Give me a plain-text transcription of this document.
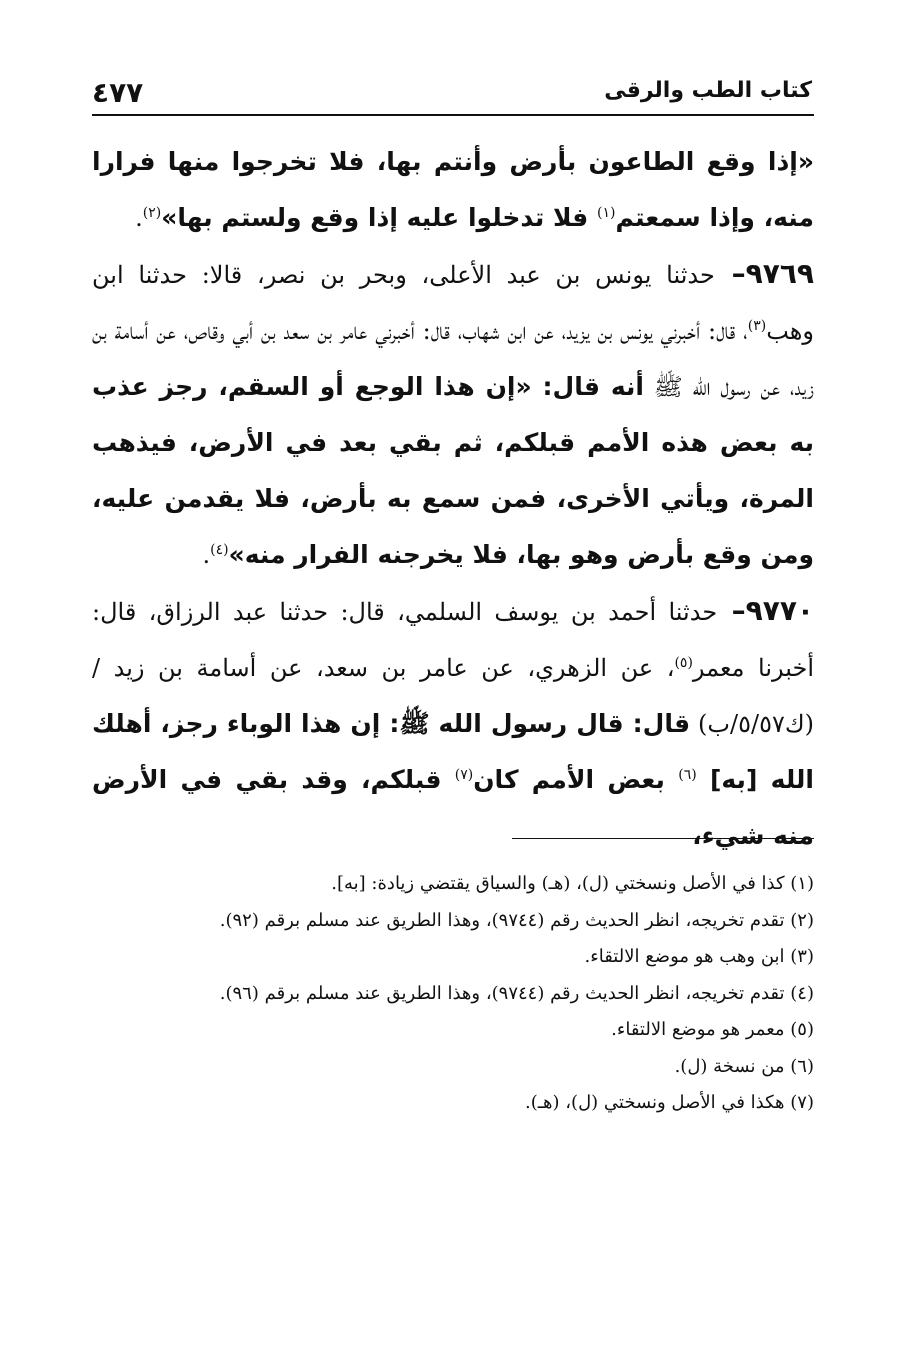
٤٧٧	كتاب الطب والرقى

«إذا وقع الطاعون بأرض وأنتم بها، فلا تخرجوا منها فرارا منه، وإذا سمعتم$^{(١)}$ فلا تدخلوا عليه إذا وقع ولستم بها»$^{(٢)}$.

٩٧٦٩– حدثنا يونس بن عبد الأعلى، وبحر بن نصر، قالا: حدثنا ابن وهب$^{(٣)}$، قال: أخبرني يونس بن يزيد، عن ابن شهاب، قال: أخبرني عامر بن سعد بن أبي وقاص، عن أسامة بن زيد، عن رسول الله ﷺ أنه قال: «إن هذا الوجع أو السقم، رجز عذب به بعض هذه الأمم قبلكم، ثم بقي بعد في الأرض، فيذهب المرة، ويأتي الأخرى، فمن سمع به بأرض، فلا يقدمن عليه، ومن وقع بأرض وهو بها، فلا يخرجنه الفرار منه»$^{(٤)}$.

٩٧٧٠– حدثنا أحمد بن يوسف السلمي، قال: حدثنا عبد الرزاق، قال: أخبرنا معمر$^{(٥)}$، عن الزهري، عن عامر بن سعد، عن أسامة بن زيد / (ك٥/٥٧/ب) قال: قال رسول الله ﷺ: إن هذا الوباء رجز، أهلك الله [به] $^{(٦)}$ بعض الأمم كان$^{(٧)}$ قبلكم، وقد بقي في الأرض منه شيء،

(١) كذا في الأصل ونسختي (ل)، (هـ) والسياق يقتضي زيادة: [به].
(٢) تقدم تخريجه، انظر الحديث رقم (٩٧٤٤)، وهذا الطريق عند مسلم برقم (٩٢).
(٣) ابن وهب هو موضع الالتقاء.
(٤) تقدم تخريجه، انظر الحديث رقم (٩٧٤٤)، وهذا الطريق عند مسلم برقم (٩٦).
(٥) معمر هو موضع الالتقاء.
(٦) من نسخة (ل).
(٧) هكذا في الأصل ونسختي (ل)، (هـ).
